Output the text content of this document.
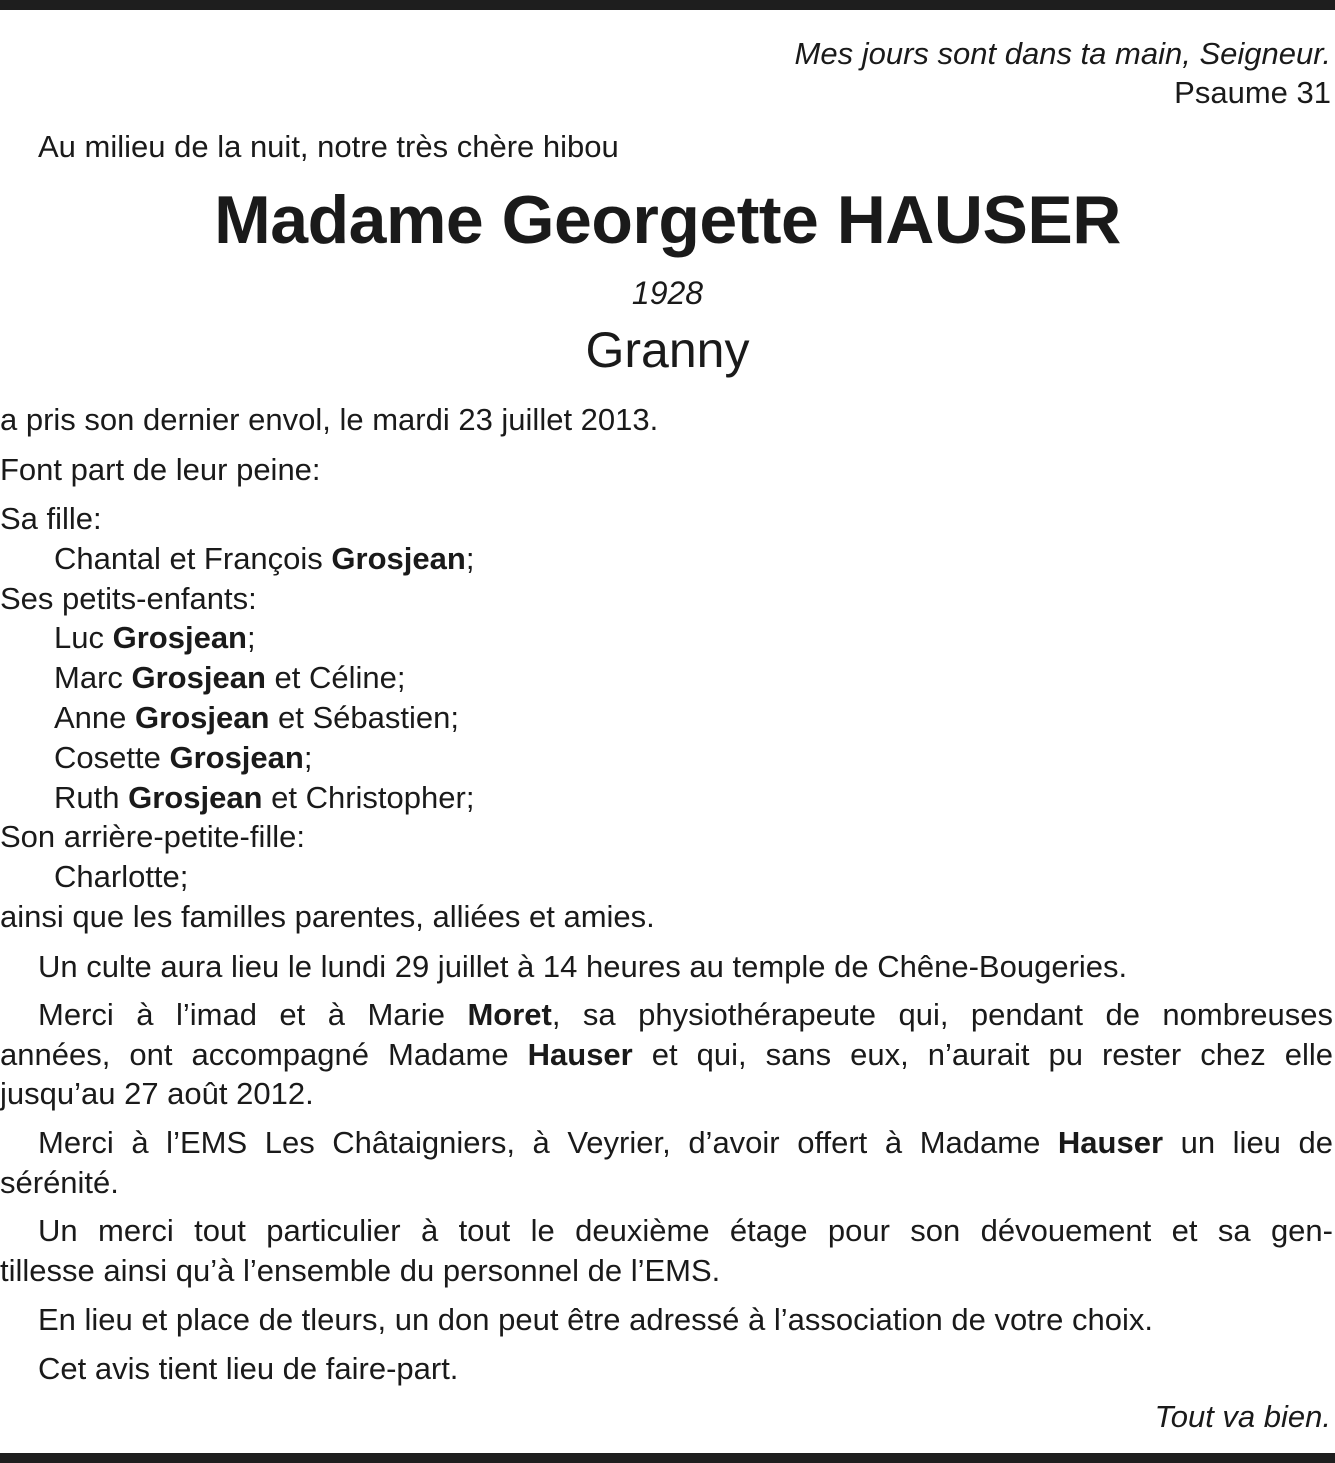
Mes jours sont dans ta main, Seigneur.
Psaume 31
Au milieu de la nuit, notre très chère hibou
Madame Georgette HAUSER
1928
Granny
a pris son dernier envol, le mardi 23 juillet 2013.
Font part de leur peine:
Sa fille:
Chantal et François Grosjean;
Ses petits-enfants:
Luc Grosjean;
Marc Grosjean et Céline;
Anne Grosjean et Sébastien;
Cosette Grosjean;
Ruth Grosjean et Christopher;
Son arrière-petite-fille:
Charlotte;
ainsi que les familles parentes, alliées et amies.
Un culte aura lieu le lundi 29 juillet à 14 heures au temple de Chêne-Bougeries.
Merci à l’imad et à Marie Moret, sa physiothérapeute qui, pendant de nombreuses
années, ont accompagné Madame Hauser et qui, sans eux, n’aurait pu rester chez elle
jusqu’au 27 août 2012.
Merci à l’EMS Les Châtaigniers, à Veyrier, d’avoir offert à Madame Hauser un lieu de
sérénité.
Un merci tout particulier à tout le deuxième étage pour son dévouement et sa gen-
tillesse ainsi qu’à l’ensemble du personnel de l’EMS.
En lieu et place de tleurs, un don peut être adressé à l’association de votre choix.
Cet avis tient lieu de faire-part.
Tout va bien.
